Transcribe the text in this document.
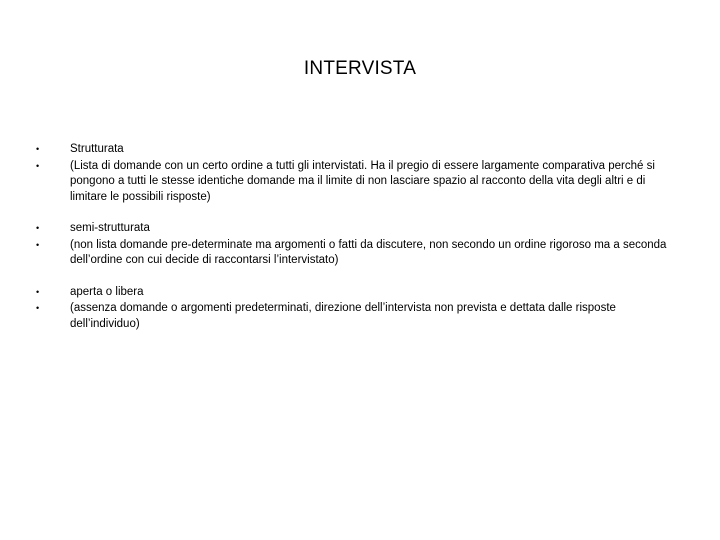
INTERVISTA
•	Strutturata
•	(Lista di domande con un certo ordine a tutti gli intervistati. Ha il pregio di essere largamente comparativa perché si pongono a tutti le stesse identiche domande ma il limite di non lasciare spazio al racconto della vita degli altri e di limitare le possibili risposte)
•	semi-strutturata
•	(non lista domande pre-determinate ma argomenti o fatti da discutere, non secondo un ordine rigoroso ma a seconda dell’ordine con cui decide di raccontarsi l’intervistato)
•	aperta o libera
•	(assenza domande o argomenti predeterminati, direzione dell’intervista non prevista e dettata dalle risposte dell’individuo)
